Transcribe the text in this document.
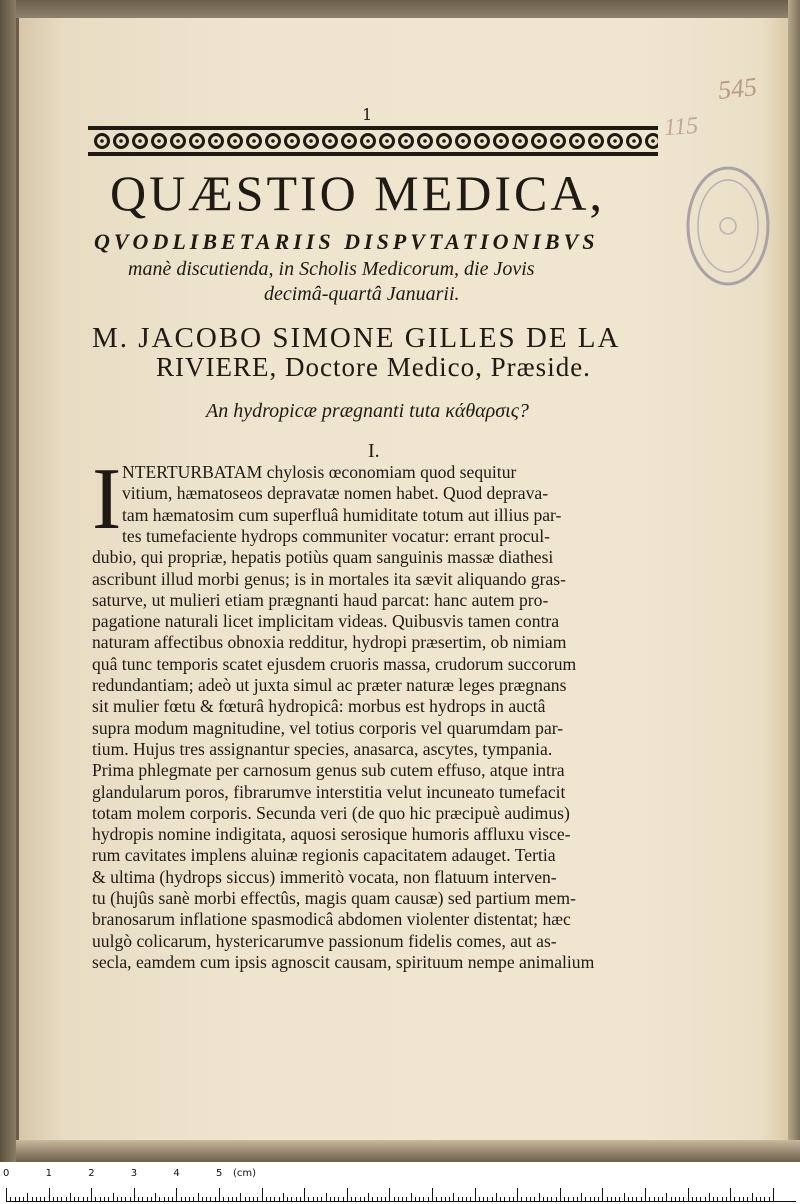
1
545
115
QUÆSTIO MEDICA,
QVODLIBETARIIS DISPVTATIONIBVS
manè discutienda, in Scholis Medicorum, die Jovis
decimâ-quartâ Januarii.
M. JACOBO SIMONE GILLES DE LA
RIVIERE, Doctore Medico, Præside.
An hydropicæ prægnanti tuta κάθαρσις?
I.
I NTERTURBATAM chylosis œconomiam quod sequitur
vitium, hæmatoseos depravatæ nomen habet. Quod deprava-
tam hæmatosim cum superfluâ humiditate totum aut illius par-
tes tumefaciente hydrops communiter vocatur: errant procul-
dubio, qui propriæ, hepatis potiùs quam sanguinis massæ diathesi
ascribunt illud morbi genus; is in mortales ita sævit aliquando gras-
saturve, ut mulieri etiam prægnanti haud parcat: hanc autem pro-
pagatione naturali licet implicitam videas. Quibusvis tamen contra
naturam affectibus obnoxia redditur, hydropi præsertim, ob nimiam
quâ tunc temporis scatet ejusdem cruoris massa, crudorum succorum
redundantiam; adeò ut juxta simul ac præter naturæ leges prægnans
sit mulier fœtu & fœturâ hydropicâ: morbus est hydrops in auctâ
supra modum magnitudine, vel totius corporis vel quarumdam par-
tium. Hujus tres assignantur species, anasarca, ascytes, tympania.
Prima phlegmate per carnosum genus sub cutem effuso, atque intra
glandularum poros, fibrarumve interstitia velut incuneato tumefacit
totam molem corporis. Secunda veri (de quo hic præcipuè audimus)
hydropis nomine indigitata, aquosi serosique humoris affluxu visce-
rum cavitates implens aluinæ regionis capacitatem adauget. Tertia
& ultima (hydrops siccus) immeritò vocata, non flatuum interven-
tu (hujûs sanè morbi effectûs, magis quam causæ) sed partium mem-
branosarum inflatione spasmodicâ abdomen violenter distentat; hæc
uulgò colicarum, hystericarumve passionum fidelis comes, aut as-
secla, eamdem cum ipsis agnoscit causam, spirituum nempe animalium
0	1	2	3	4	5 (cm)
